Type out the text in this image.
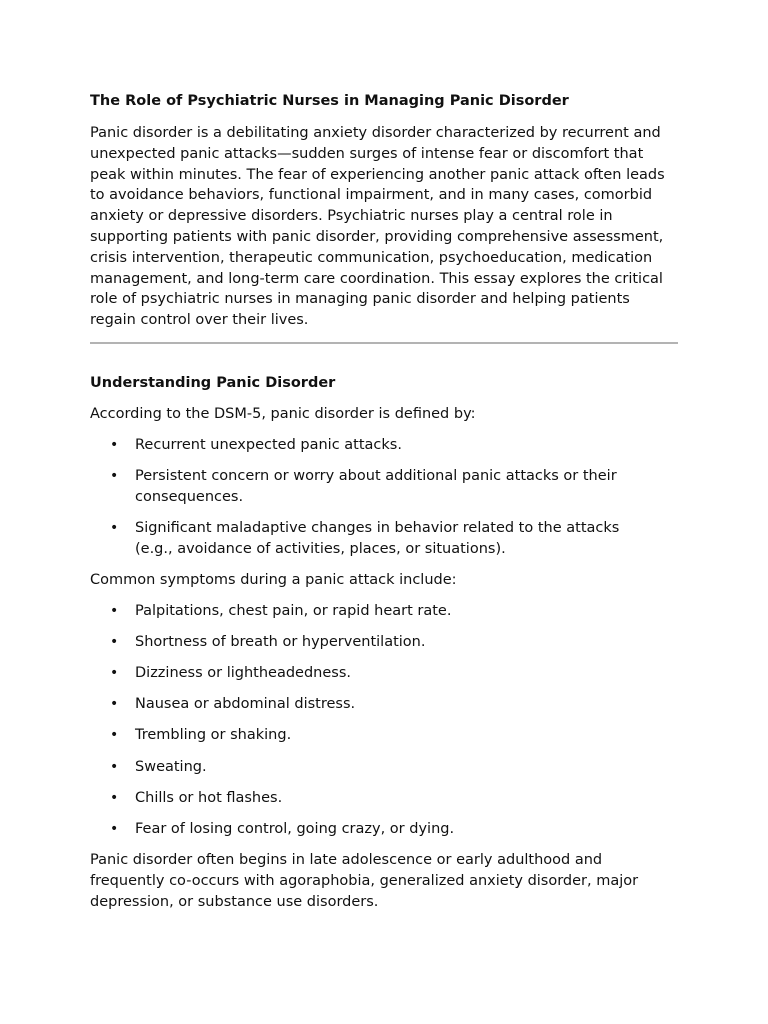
The Role of Psychiatric Nurses in Managing Panic Disorder

Panic disorder is a debilitating anxiety disorder characterized by recurrent and unexpected panic attacks—sudden surges of intense fear or discomfort that peak within minutes. The fear of experiencing another panic attack often leads to avoidance behaviors, functional impairment, and in many cases, comorbid anxiety or depressive disorders. Psychiatric nurses play a central role in supporting patients with panic disorder, providing comprehensive assessment, crisis intervention, therapeutic communication, psychoeducation, medication management, and long-term care coordination. This essay explores the critical role of psychiatric nurses in managing panic disorder and helping patients regain control over their lives.

Understanding Panic Disorder

According to the DSM-5, panic disorder is defined by:

• Recurrent unexpected panic attacks.
• Persistent concern or worry about additional panic attacks or their consequences.
• Significant maladaptive changes in behavior related to the attacks (e.g., avoidance of activities, places, or situations).

Common symptoms during a panic attack include:

• Palpitations, chest pain, or rapid heart rate.
• Shortness of breath or hyperventilation.
• Dizziness or lightheadedness.
• Nausea or abdominal distress.
• Trembling or shaking.
• Sweating.
• Chills or hot flashes.
• Fear of losing control, going crazy, or dying.

Panic disorder often begins in late adolescence or early adulthood and frequently co-occurs with agoraphobia, generalized anxiety disorder, major depression, or substance use disorders.
